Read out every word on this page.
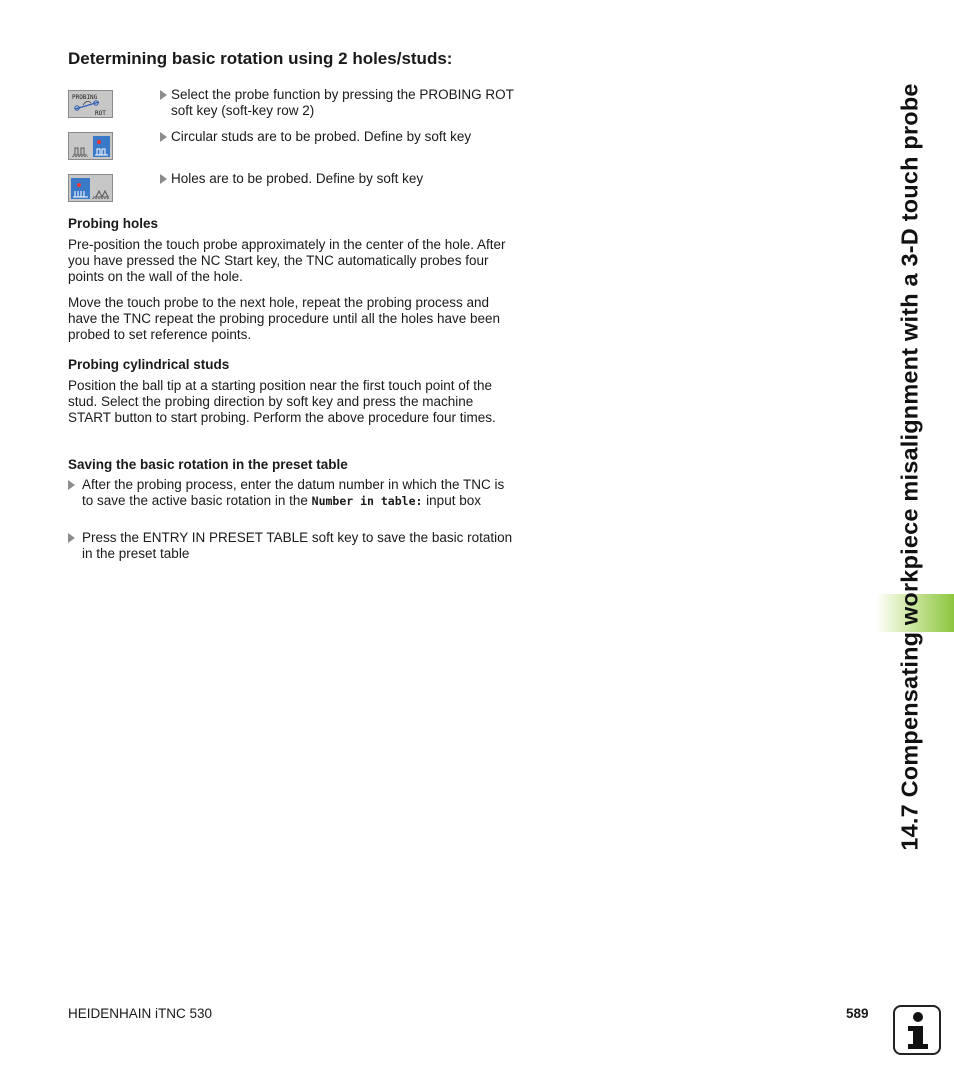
Determining basic rotation using 2 holes/studs:
PROBING
ROT
Select the probe function by pressing the PROBING ROT soft key (soft-key row 2)
Circular studs are to be probed. Define by soft key
Holes are to be probed. Define by soft key
Probing holes
Pre-position the touch probe approximately in the center of the hole. After you have pressed the NC Start key, the TNC automatically probes four points on the wall of the hole.
Move the touch probe to the next hole, repeat the probing process and have the TNC repeat the probing procedure until all the holes have been probed to set reference points.
Probing cylindrical studs
Position the ball tip at a starting position near the first touch point of the stud. Select the probing direction by soft key and press the machine START button to start probing. Perform the above procedure four times.
Saving the basic rotation in the preset table
After the probing process, enter the datum number in which the TNC is to save the active basic rotation in the Number in table: input box
Press the ENTRY IN PRESET TABLE soft key to save the basic rotation in the preset table	14.7 Compensating workpiece misalignment with a 3-D touch probe
HEIDENHAIN iTNC 530	589
